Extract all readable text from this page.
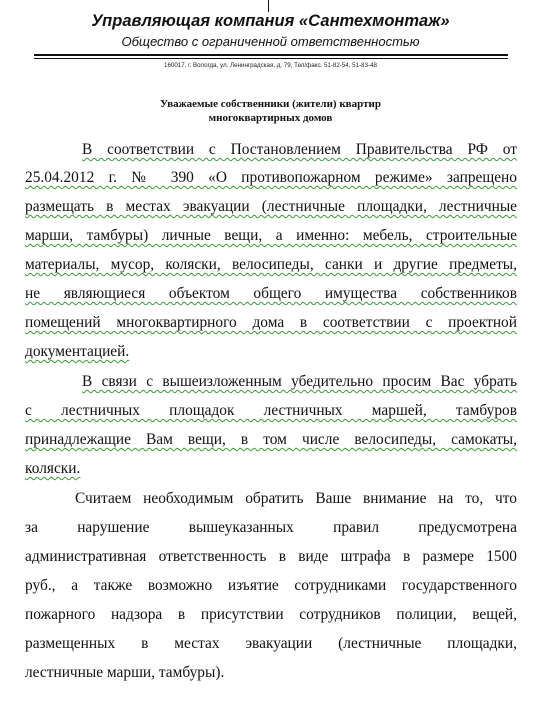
Управляющая компания «Сантехмонтаж»
Общество с ограниченной ответственностью
160017, г. Вологда, ул. Ленинградская, д. 79, Тел/факс. 51-82-54, 51-83-48
Уважаемые собственники (жители) квартир
многоквартирных домов
В соответствии с Постановлением Правительства РФ от
25.04.2012 г. № 390 «О противопожарном режиме» запрещено
размещать в местах эвакуации (лестничные площадки, лестничные
марши, тамбуры) личные вещи, а именно: мебель, строительные
материалы, мусор, коляски, велосипеды, санки и другие предметы,
не являющиеся объектом общего имущества собственников
помещений многоквартирного дома в соответствии с проектной
документацией.
В связи с вышеизложенным убедительно просим Вас убрать
с лестничных площадок лестничных маршей, тамбуров
принадлежащие Вам вещи, в том числе велосипеды, самокаты,
коляски.
Считаем необходимым обратить Ваше внимание на то, что
за нарушение вышеуказанных правил предусмотрена
административная ответственность в виде штрафа в размере 1500
руб., а также возможно изъятие сотрудниками государственного
пожарного надзора в присутствии сотрудников полиции, вещей,
размещенных в местах эвакуации (лестничные площадки,
лестничные марши, тамбуры).
